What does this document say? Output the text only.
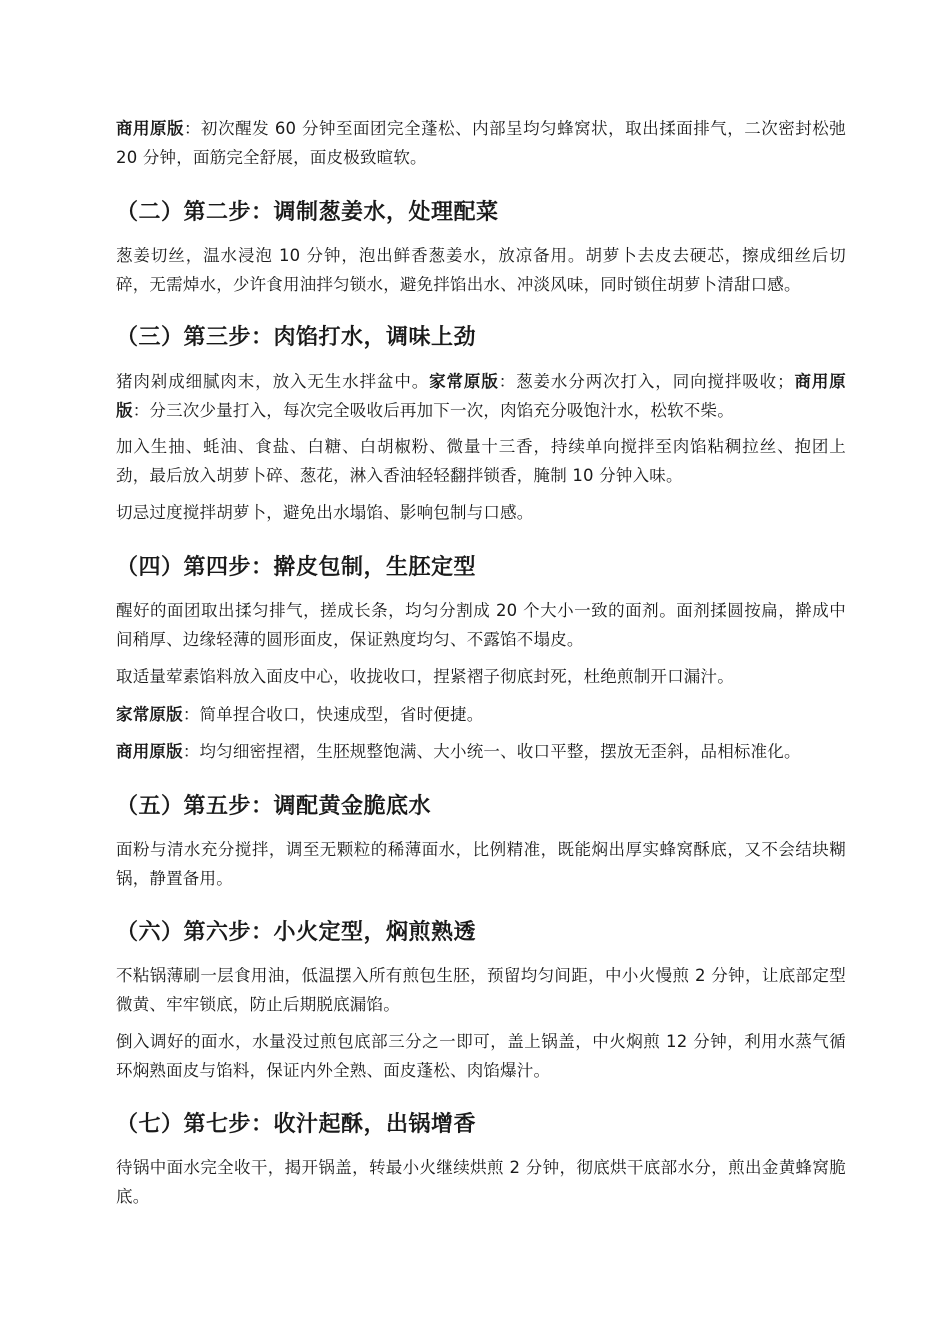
商用原版：初次醒发 60 分钟至面团完全蓬松、内部呈均匀蜂窝状，取出揉面排气，二次密封松弛 20 分钟，面筋完全舒展，面皮极致暄软。

（二）第二步：调制葱姜水，处理配菜

葱姜切丝，温水浸泡 10 分钟，泡出鲜香葱姜水，放凉备用。胡萝卜去皮去硬芯，擦成细丝后切碎，无需焯水，少许食用油拌匀锁水，避免拌馅出水、冲淡风味，同时锁住胡萝卜清甜口感。

（三）第三步：肉馅打水，调味上劲

猪肉剁成细腻肉末，放入无生水拌盆中。家常原版：葱姜水分两次打入，同向搅拌吸收；商用原版：分三次少量打入，每次完全吸收后再加下一次，肉馅充分吸饱汁水，松软不柴。

加入生抽、蚝油、食盐、白糖、白胡椒粉、微量十三香，持续单向搅拌至肉馅粘稠拉丝、抱团上劲，最后放入胡萝卜碎、葱花，淋入香油轻轻翻拌锁香，腌制 10 分钟入味。

切忌过度搅拌胡萝卜，避免出水塌馅、影响包制与口感。

（四）第四步：擀皮包制，生胚定型

醒好的面团取出揉匀排气，搓成长条，均匀分割成 20 个大小一致的面剂。面剂揉圆按扁，擀成中间稍厚、边缘轻薄的圆形面皮，保证熟度均匀、不露馅不塌皮。

取适量荤素馅料放入面皮中心，收拢收口，捏紧褶子彻底封死，杜绝煎制开口漏汁。

家常原版：简单捏合收口，快速成型，省时便捷。

商用原版：均匀细密捏褶，生胚规整饱满、大小统一、收口平整，摆放无歪斜，品相标准化。

（五）第五步：调配黄金脆底水

面粉与清水充分搅拌，调至无颗粒的稀薄面水，比例精准，既能焖出厚实蜂窝酥底，又不会结块糊锅，静置备用。

（六）第六步：小火定型，焖煎熟透

不粘锅薄刷一层食用油，低温摆入所有煎包生胚，预留均匀间距，中小火慢煎 2 分钟，让底部定型微黄、牢牢锁底，防止后期脱底漏馅。

倒入调好的面水，水量没过煎包底部三分之一即可，盖上锅盖，中火焖煎 12 分钟，利用水蒸气循环焖熟面皮与馅料，保证内外全熟、面皮蓬松、肉馅爆汁。

（七）第七步：收汁起酥，出锅增香

待锅中面水完全收干，揭开锅盖，转最小火继续烘煎 2 分钟，彻底烘干底部水分，煎出金黄蜂窝脆底。
